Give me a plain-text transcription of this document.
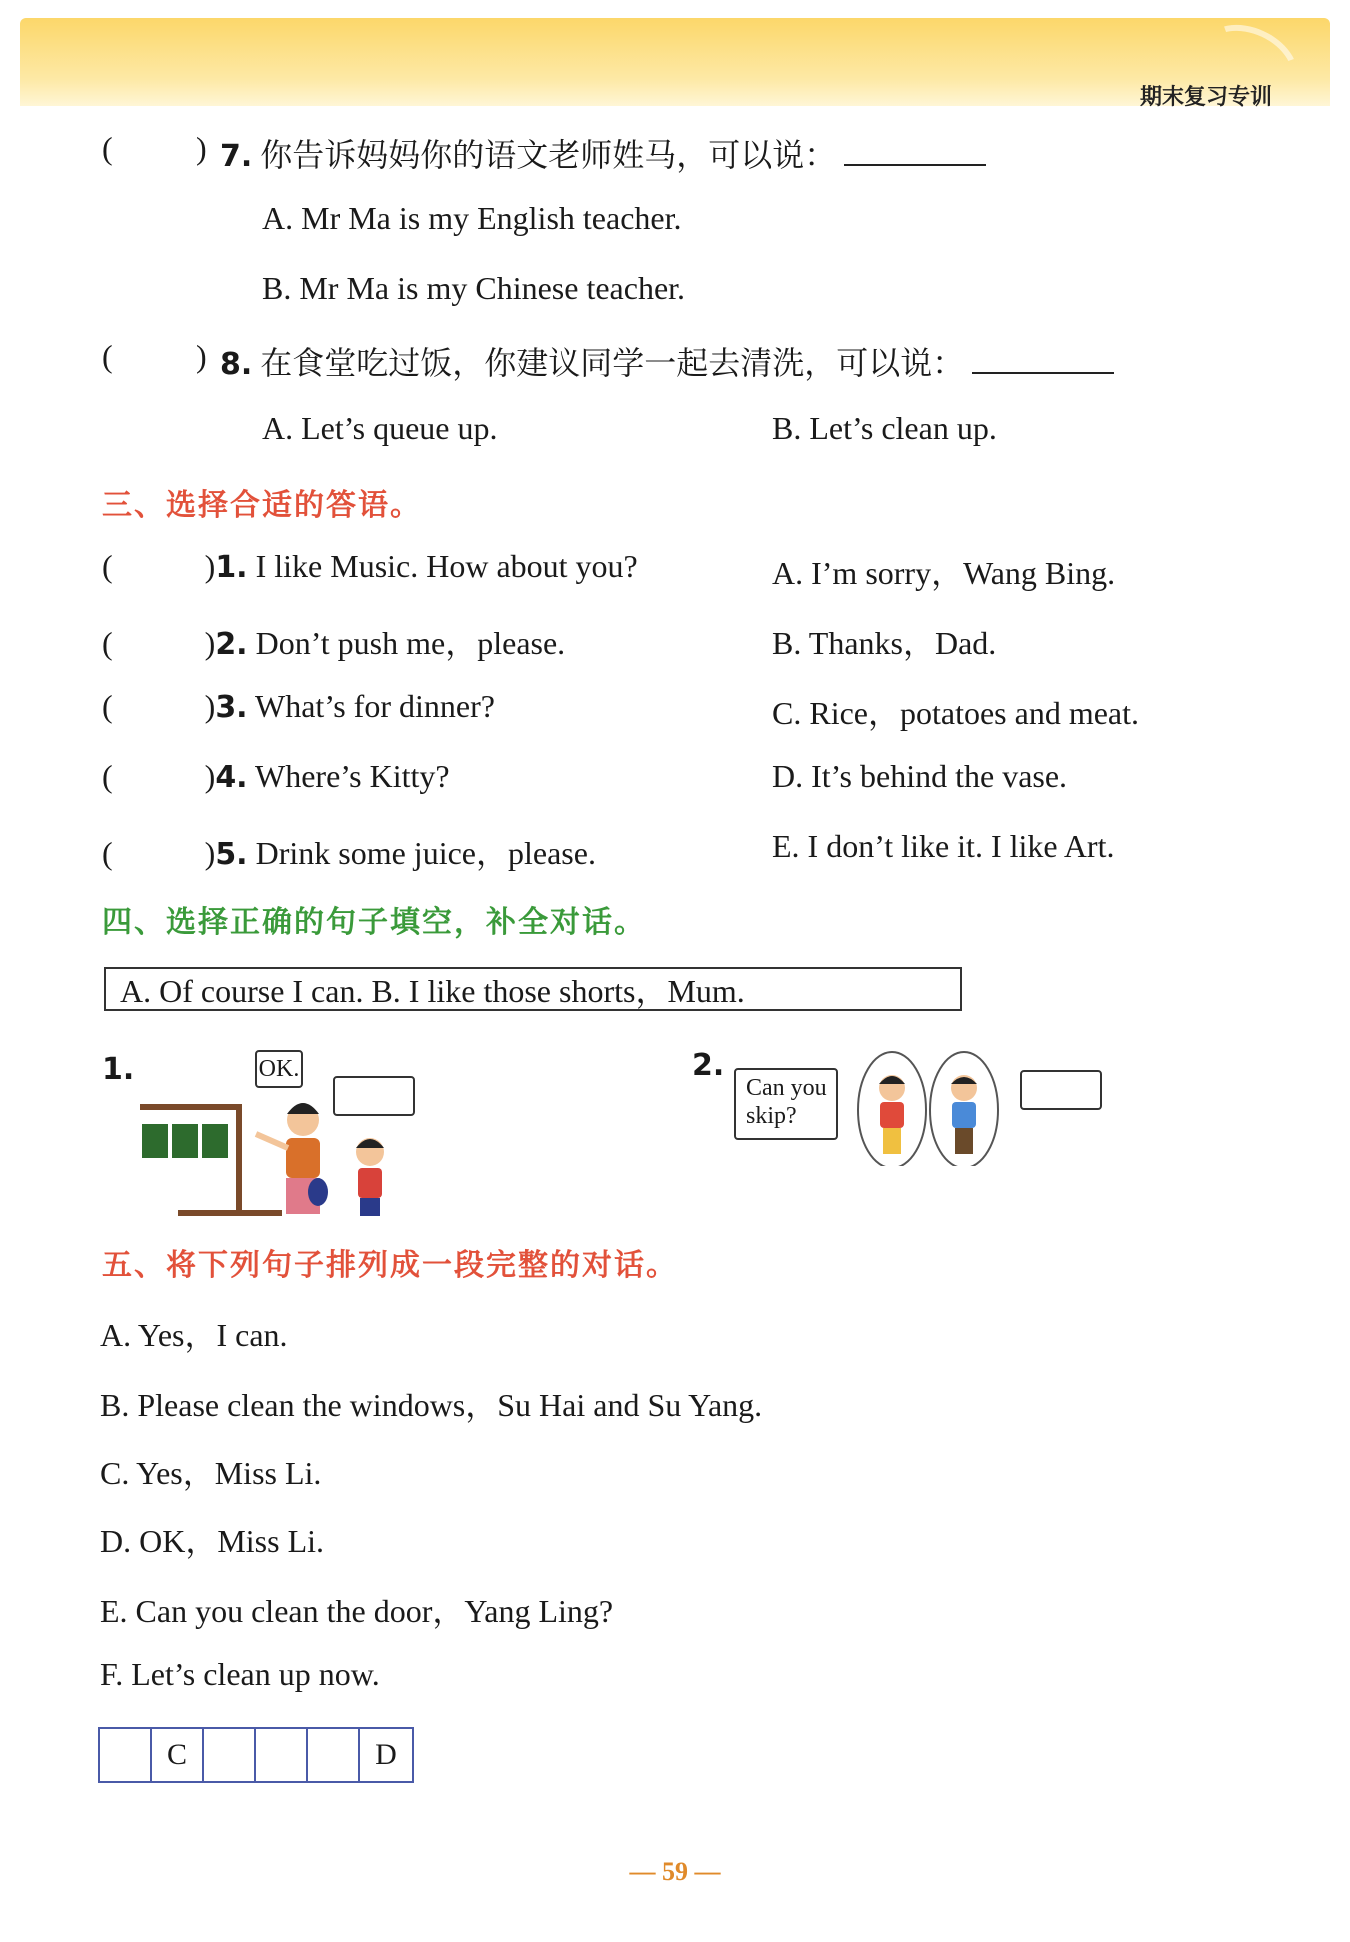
期末复习专训
(	) 7. 你告诉妈妈你的语文老师姓马，可以说：
A. Mr Ma is my English teacher.
B. Mr Ma is my Chinese teacher.
(	) 8. 在食堂吃过饭，你建议同学一起去清洗，可以说：
A. Let’s queue up.	B. Let’s clean up.
三、选择合适的答语。
(	)1. I like Music. How about you?
(	)2. Don’t push me，please.
(	)3. What’s for dinner?
(	)4. Where’s Kitty?
(	)5. Drink some juice，please.
A. I’m sorry，Wang Bing.
B. Thanks，Dad.
C. Rice，potatoes and meat.
D. It’s behind the vase.
E. I don’t like it. I like Art.
四、选择正确的句子填空，补全对话。
A. Of course I can. B. I like those shorts，Mum.
1.	OK.	2.
Can you
skip?
五、将下列句子排列成一段完整的对话。
A. Yes，I can.
B. Please clean the windows，Su Hai and Su Yang.
C. Yes，Miss Li.
D. OK，Miss Li.
E. Can you clean the door，Yang Ling?
F. Let’s clean up now.
C	D
— 59 —
